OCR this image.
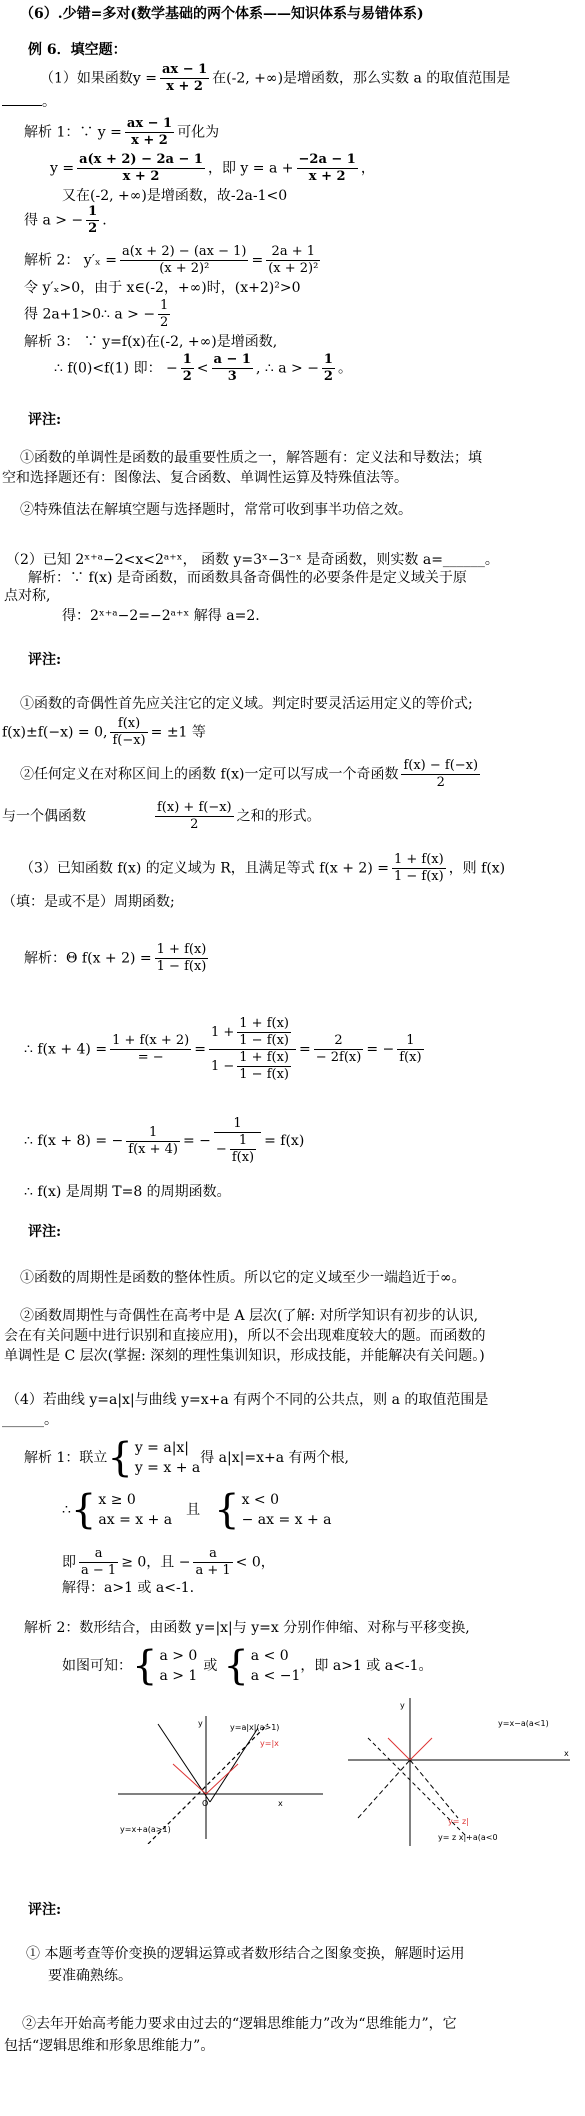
（6）.少错=多对(数学基础的两个体系——知识体系与易错体系)
例 6．填空题：
（1）如果函数$y = \frac{ax - 1}{x + 2}$ 在(-2, +∞)是增函数，那么实数 a 的取值范围是
。
解析 1：∵ $y = \frac{ax - 1}{x + 2}$ 可化为
$y = \frac{a(x + 2) - 2a - 1}{x + 2}$ ，即 $y = a + \frac{-2a - 1}{x + 2}$ ，
又在(-2, +∞)是增函数，故-2a-1<0
得 a > − $\frac{1}{2}$ .
解析 2： $y'_x = \frac{a(x + 2) - (ax - 1)}{\text{(x + 2)²}} = \frac{2a + 1}{\text{(x + 2)²}}$
令 y′ₓ>0，由于 x∈(-2，+∞)时，(x+2)²>0
得 2a+1>0∴ a > − $\frac{1}{2}$
解析 3： ∵ y=f(x)在(-2, +∞)是增函数,
∴ f(0)<f(1) 即： − $\frac{1}{2} < \frac{a - 1}{3}$ , ∴ a > − $\frac{1}{2}$ 。
评注:
①函数的单调性是函数的最重要性质之一，解答题有：定义法和导数法；填
空和选择题还有：图像法、复合函数、单调性运算及特殊值法等。
②特殊值法在解填空题与选择题时，常常可收到事半功倍之效。
（2）已知 2ˣ⁺ᵃ−2<x<2ᵃ⁺ˣ， 函数 y=3ˣ−3⁻ˣ 是奇函数，则实数 a=______。
解析：∵ f(x) 是奇函数，而函数具备奇偶性的必要条件是定义域关于原
点对称,
得：2ˣ⁺ᵃ−2=−2ᵃ⁺ˣ 解得 a=2.
评注:
①函数的奇偶性首先应关注它的定义域。判定时要灵活运用定义的等价式;
f(x)±f(−x) = 0, $\frac{f(x)}{f(-x)} = \pm 1$ 等
②任何定义在对称区间上的函数 f(x)一定可以写成一个奇函数 $\frac{f(x) - f(-x)}{2}$
与一个偶函数	$\frac{f(x) + f(-x)}{2}$ 之和的形式。
（3）已知函数 f(x) 的定义域为 R，且满足等式 $f(x + 2) = \frac{1 + f(x)}{1 - f(x)}$ ，则 f(x)
（填：是或不是）周期函数;
解析：Θ $f(x + 2) = \frac{1 + f(x)}{1 - f(x)}$
∴ $f(x + 4) = \frac{1 + f(x + 2)}{= -} = \frac{1 + \frac{1 + f(x)}{1 - f(x)}}{1 - \frac{1 + f(x)}{1 - f(x)}} = \frac{2}{- 2f(x)}$ = − $\frac{1}{f(x)}$
∴ f(x + 8) = − $\frac{1}{f(x + 4)}$ = − $\frac{1}{- \frac{1}{f(x)}} = f(x)$
∴ f(x) 是周期 T=8 的周期函数。
评注:
①函数的周期性是函数的整体性质。所以它的定义域至少一端趋近于∞。
②函数周期性与奇偶性在高考中是 A 层次(了解: 对所学知识有初步的认识,
会在有关问题中进行识别和直接应用)，所以不会出现难度较大的题。而函数的
单调性是 C 层次(掌握: 深刻的理性集训知识，形成技能，并能解决有关问题。)
（4）若曲线 y=a|x|与曲线 y=x+a 有两个不同的公共点，则 a 的取值范围是
______。
解析 1：联立{ y = a|x|
y = x + a
得 a|x|=x+a 有两个根,
∴{ x ≥ 0
ax = x + a
且 { x < 0
− ax = x + a
即 $\frac{a}{a - 1} \ge 0$，且 − $\frac{a}{a + 1} < 0$，
解得：a>1 或 a<-1.
解析 2：数形结合，由函数 y=|x|与 y=x 分别作伸缩、对称与平移变换,
如图可知：{ a > 0
a > 1
或 { a < 0
a < −1
，即 a>1 或 a<-1。
y	y=a|x|(a>1)
y=|x
x
O
y=x+a(a>1)
y
x
y=x−a(a<1)
y= z|
y= z x|+a(a<0
评注:
① 本题考查等价变换的逻辑运算或者数形结合之图象变换，解题时运用
要准确熟练。
②去年开始高考能力要求由过去的“逻辑思维能力”改为“思维能力”，它
包括“逻辑思维和形象思维能力”。
